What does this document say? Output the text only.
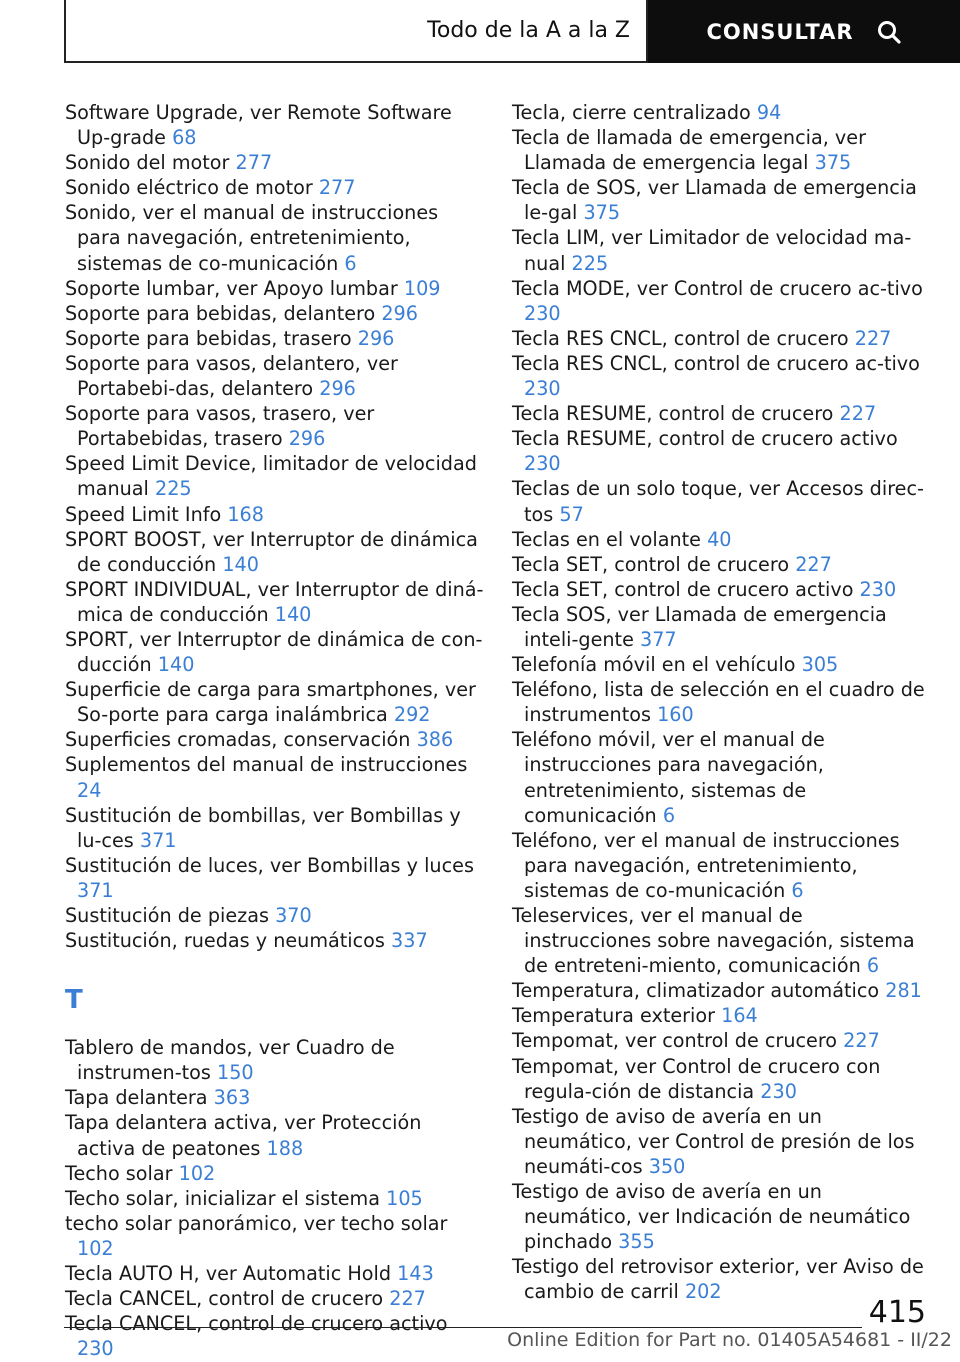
Todo de la A a la Z	CONSULTAR

Software Upgrade, ver Remote Software Up-grade 68

Sonido del motor 277

Sonido eléctrico de motor 277

Sonido, ver el manual de instrucciones para navegación, entretenimiento, sistemas de co-municación 6

Soporte lumbar, ver Apoyo lumbar 109

Soporte para bebidas, delantero 296

Soporte para bebidas, trasero 296

Soporte para vasos, delantero, ver Portabebi-das, delantero 296

Soporte para vasos, trasero, ver Portabebidas, trasero 296

Speed Limit Device, limitador de velocidad manual 225

Speed Limit Info 168

SPORT BOOST, ver Interruptor de dinámica de conducción 140

SPORT INDIVIDUAL, ver Interruptor de diná-mica de conducción 140

SPORT, ver Interruptor de dinámica de con-ducción 140

Superficie de carga para smartphones, ver So-porte para carga inalámbrica 292

Superficies cromadas, conservación 386

Suplementos del manual de instrucciones 24

Sustitución de bombillas, ver Bombillas y lu-ces 371

Sustitución de luces, ver Bombillas y luces 371

Sustitución de piezas 370

Sustitución, ruedas y neumáticos 337

T

Tablero de mandos, ver Cuadro de instrumen-tos 150

Tapa delantera 363

Tapa delantera activa, ver Protección activa de peatones 188

Techo solar 102

Techo solar, inicializar el sistema 105

techo solar panorámico, ver techo solar 102

Tecla AUTO H, ver Automatic Hold 143

Tecla CANCEL, control de crucero 227

Tecla CANCEL, control de crucero activo 230

Tecla, cierre centralizado 94

Tecla de llamada de emergencia, ver Llamada de emergencia legal 375

Tecla de SOS, ver Llamada de emergencia le-gal 375

Tecla LIM, ver Limitador de velocidad ma-nual 225

Tecla MODE, ver Control de crucero ac-tivo 230

Tecla RES CNCL, control de crucero 227

Tecla RES CNCL, control de crucero ac-tivo 230

Tecla RESUME, control de crucero 227

Tecla RESUME, control de crucero activo 230

Teclas de un solo toque, ver Accesos direc-tos 57

Teclas en el volante 40

Tecla SET, control de crucero 227

Tecla SET, control de crucero activo 230

Tecla SOS, ver Llamada de emergencia inteli-gente 377

Telefonía móvil en el vehículo 305

Teléfono, lista de selección en el cuadro de instrumentos 160

Teléfono móvil, ver el manual de instrucciones para navegación, entretenimiento, sistemas de comunicación 6

Teléfono, ver el manual de instrucciones para navegación, entretenimiento, sistemas de co-municación 6

Teleservices, ver el manual de instrucciones sobre navegación, sistema de entreteni-miento, comunicación 6

Temperatura, climatizador automático 281

Temperatura exterior 164

Tempomat, ver control de crucero 227

Tempomat, ver Control de crucero con regula-ción de distancia 230

Testigo de aviso de avería en un neumático, ver Control de presión de los neumáti-cos 350

Testigo de aviso de avería en un neumático, ver Indicación de neumático pinchado 355

Testigo del retrovisor exterior, ver Aviso de cambio de carril 202

415
Online Edition for Part no. 01405A54681 - II/22
